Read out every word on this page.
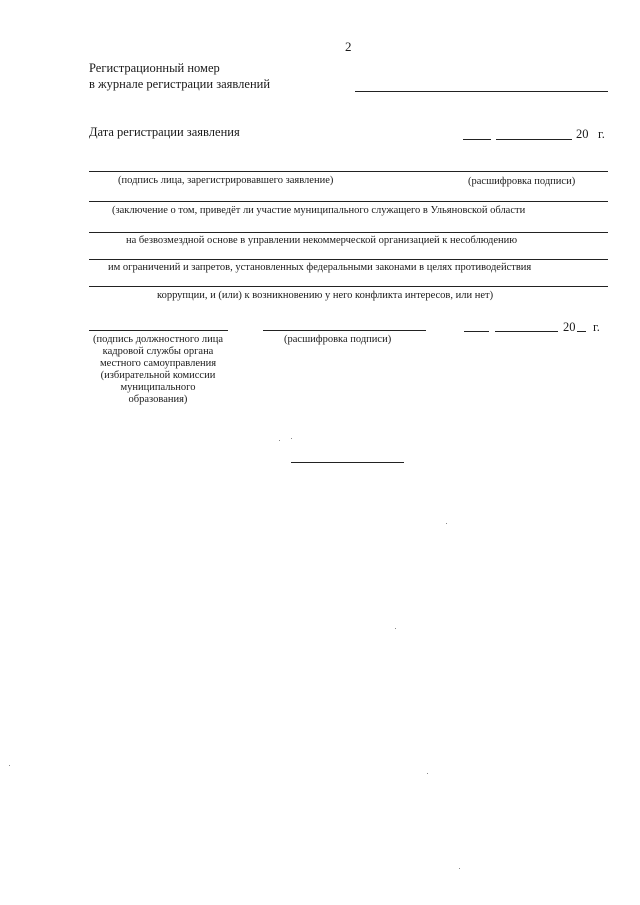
2
Регистрационный номер
в журнале регистрации заявлений
Дата регистрации заявления	20 г.
(подпись лица, зарегистрировавшего заявление)	(расшифровка подписи)
(заключение о том, приведёт ли участие муниципального служащего в Ульяновской области
на безвозмездной основе в управлении некоммерческой организацией к несоблюдению
им ограничений и запретов, установленных федеральными законами в целях противодействия
коррупции, и (или) к возникновению у него конфликта интересов, или нет)
20 г.
(подпись должностного лица
кадровой службы органа
местного самоуправления
(избирательной комиссии
муниципального
образования)
(расшифровка подписи)
